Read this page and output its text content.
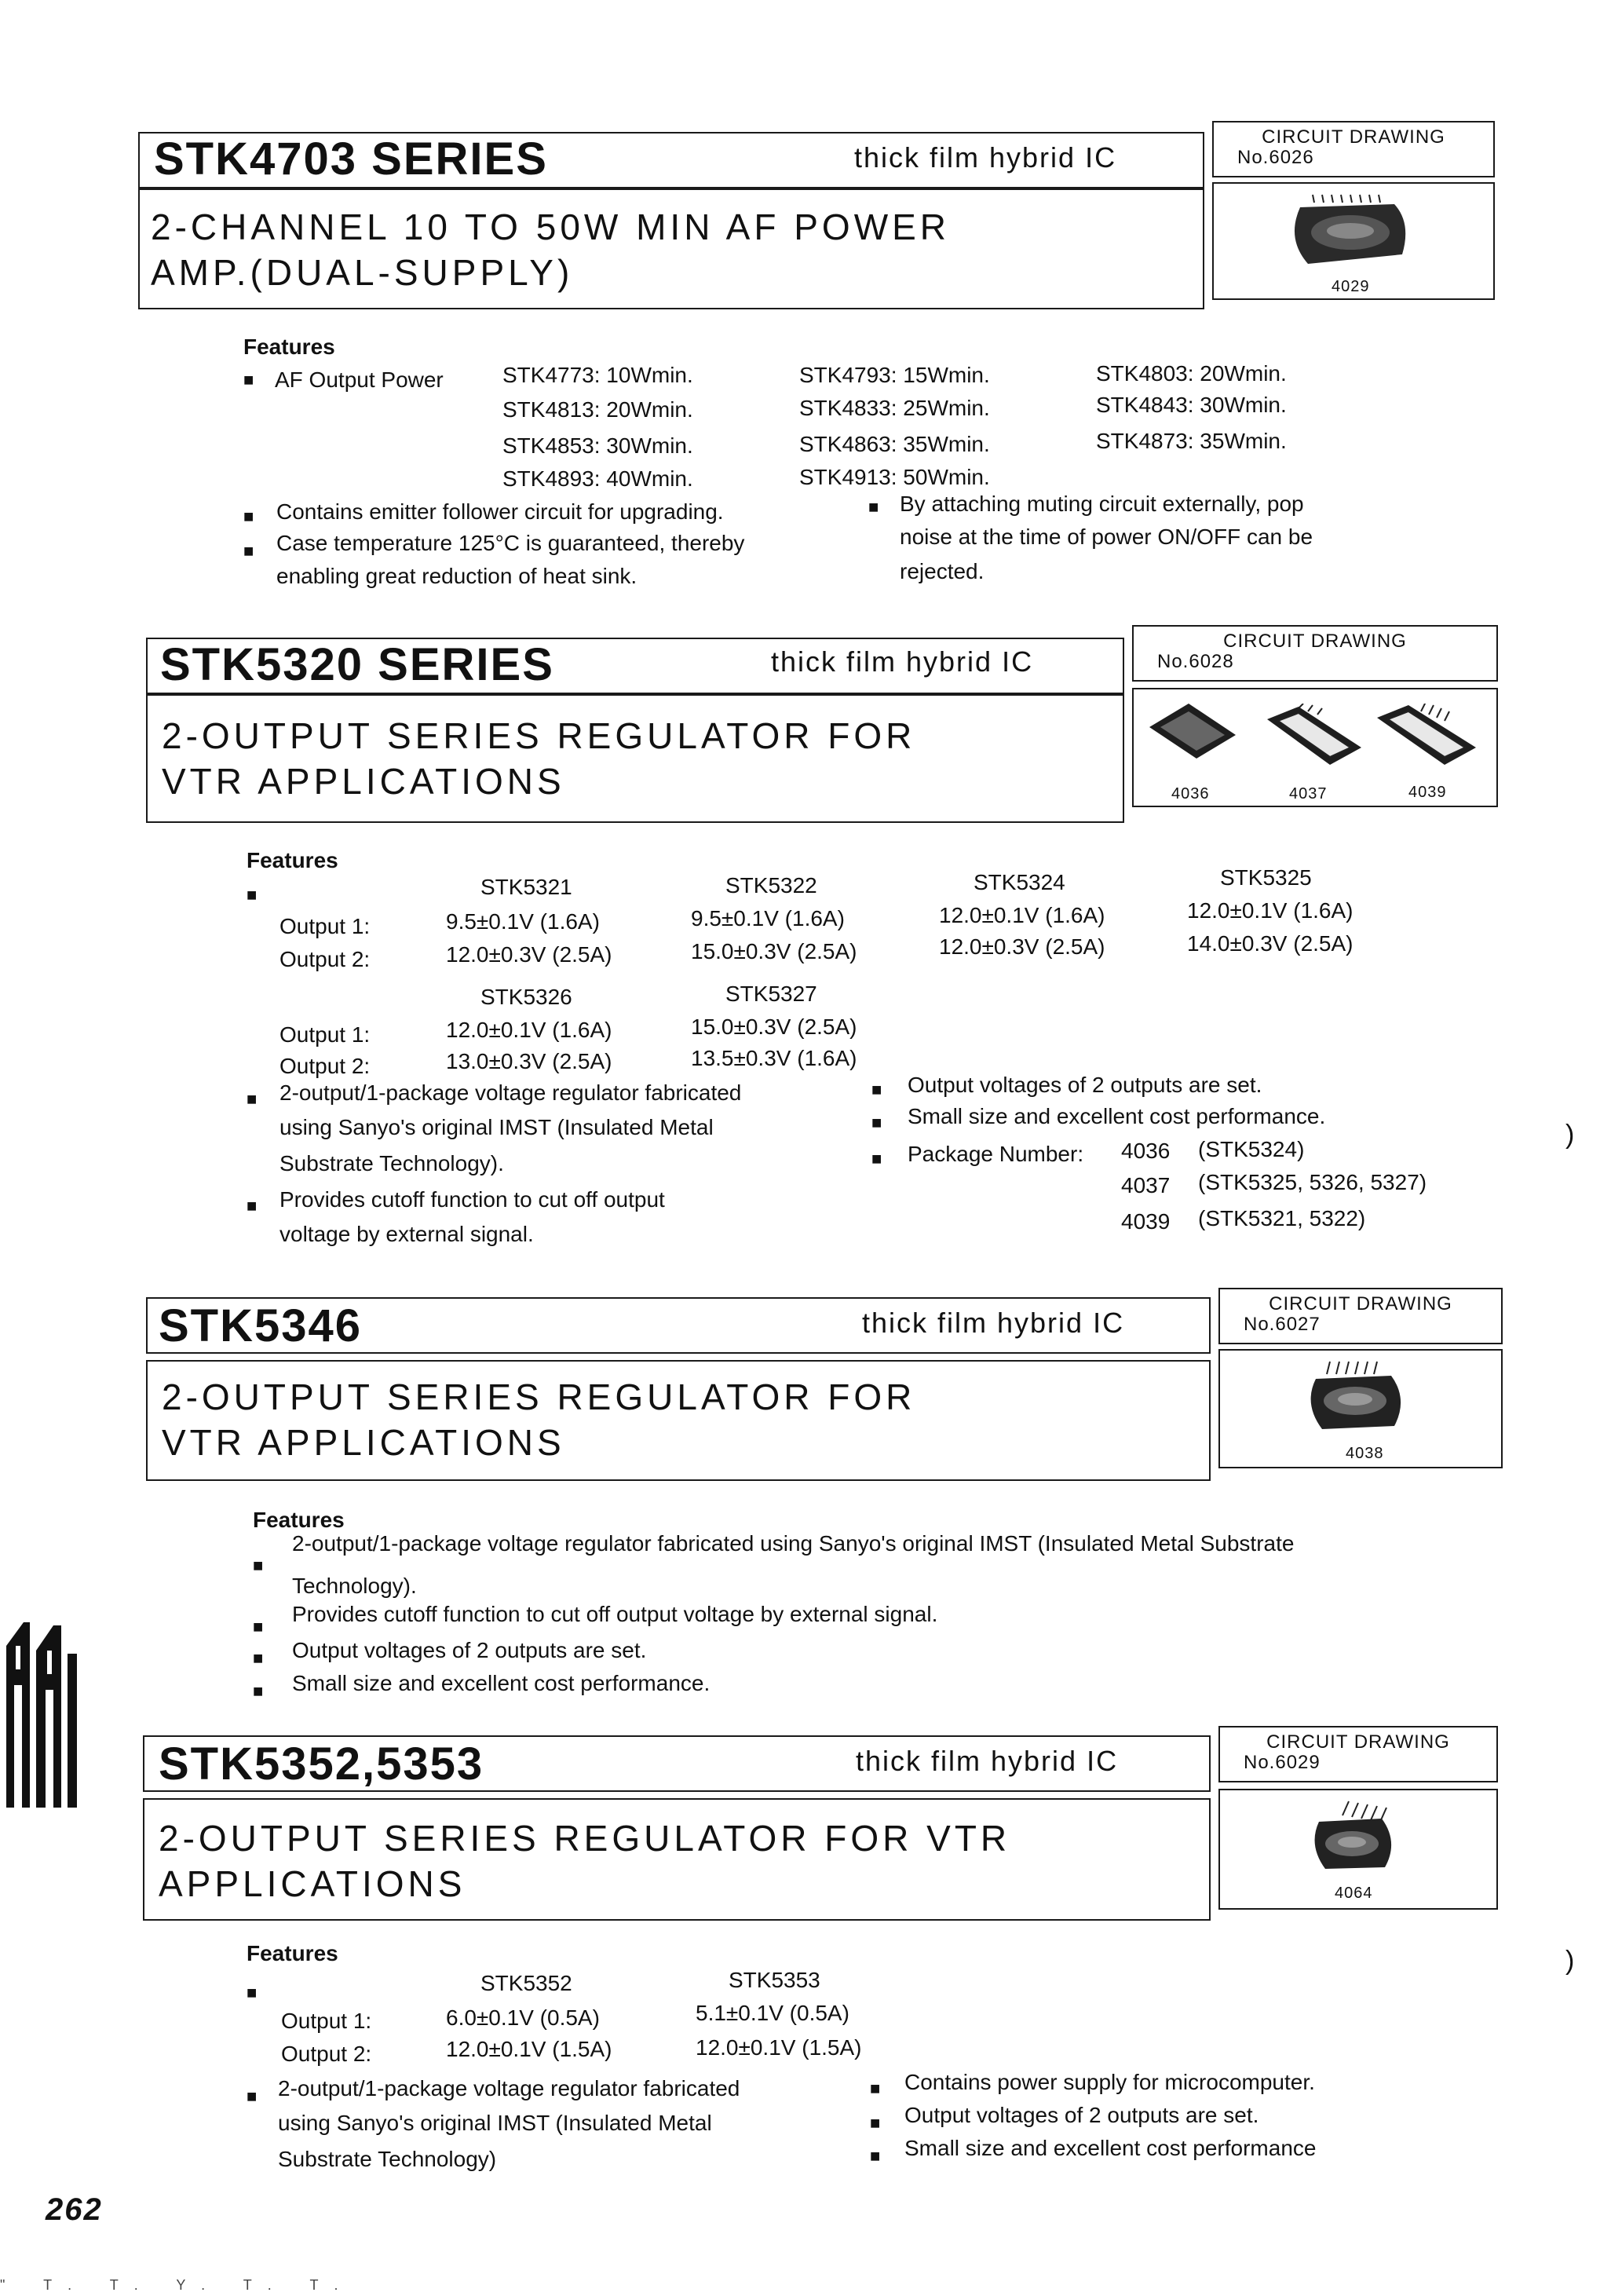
STK4703 SERIES	thick film hybrid IC
CIRCUIT DRAWING
No.6026
2-CHANNEL 10 TO 50W MIN AF POWER
AMP.(DUAL-SUPPLY)	4029
Features
■ AF Output Power	STK4773: 10Wmin.	STK4793: 15Wmin.	STK4803: 20Wmin.
STK4813: 20Wmin.	STK4833: 25Wmin.	STK4843: 30Wmin.
STK4853: 30Wmin.	STK4863: 35Wmin.	STK4873: 35Wmin.
STK4893: 40Wmin.	STK4913: 50Wmin.
■ Contains emitter follower circuit for upgrading.
■ Case temperature 125°C is guaranteed, thereby
enabling great reduction of heat sink.
■ By attaching muting circuit externally, pop
noise at the time of power ON/OFF can be
rejected.
STK5320 SERIES	thick film hybrid IC
CIRCUIT DRAWING
No.6028
2-OUTPUT SERIES REGULATOR FOR
VTR APPLICATIONS	4036	4037	4039
Features
■	STK5321	STK5322	STK5324	STK5325
Output 1:	9.5±0.1V (1.6A)	9.5±0.1V (1.6A)	12.0±0.1V (1.6A)	12.0±0.1V (1.6A)
Output 2:	12.0±0.3V (2.5A)	15.0±0.3V (2.5A)	12.0±0.3V (2.5A)	14.0±0.3V (2.5A)
STK5326	STK5327
Output 1:	12.0±0.1V (1.6A)	15.0±0.3V (2.5A)
Output 2:	13.0±0.3V (2.5A)	13.5±0.3V (1.6A)
■ 2-output/1-package voltage regulator fabricated
using Sanyo's original IMST (Insulated Metal
Substrate Technology).
■ Provides cutoff function to cut off output
voltage by external signal.
■ Output voltages of 2 outputs are set.
■ Small size and excellent cost performance.
■ Package Number: 4036 (STK5324)
4037 (STK5325, 5326, 5327)
4039 (STK5321, 5322)
STK5346	thick film hybrid IC
CIRCUIT DRAWING
No.6027
2-OUTPUT SERIES REGULATOR FOR
VTR APPLICATIONS	4038
Features
■
2-output/1-package voltage regulator fabricated using Sanyo's original IMST (Insulated Metal Substrate
Technology).
■
Provides cutoff function to cut off output voltage by external signal.
■ Output voltages of 2 outputs are set.
■ Small size and excellent cost performance.
STK5352,5353	thick film hybrid IC
CIRCUIT DRAWING
No.6029
2-OUTPUT SERIES REGULATOR FOR VTR
APPLICATIONS	4064
Features
■	STK5352	STK5353
Output 1:	6.0±0.1V (0.5A)	5.1±0.1V (0.5A)
Output 2:	12.0±0.1V (1.5A)	12.0±0.1V (1.5A)
■ 2-output/1-package voltage regulator fabricated
using Sanyo's original IMST (Insulated Metal
Substrate Technology)
■ Contains power supply for microcomputer.
■ Output voltages of 2 outputs are set.
■ Small size and excellent cost performance
)
)
262
" T. T. Y. T. T.
